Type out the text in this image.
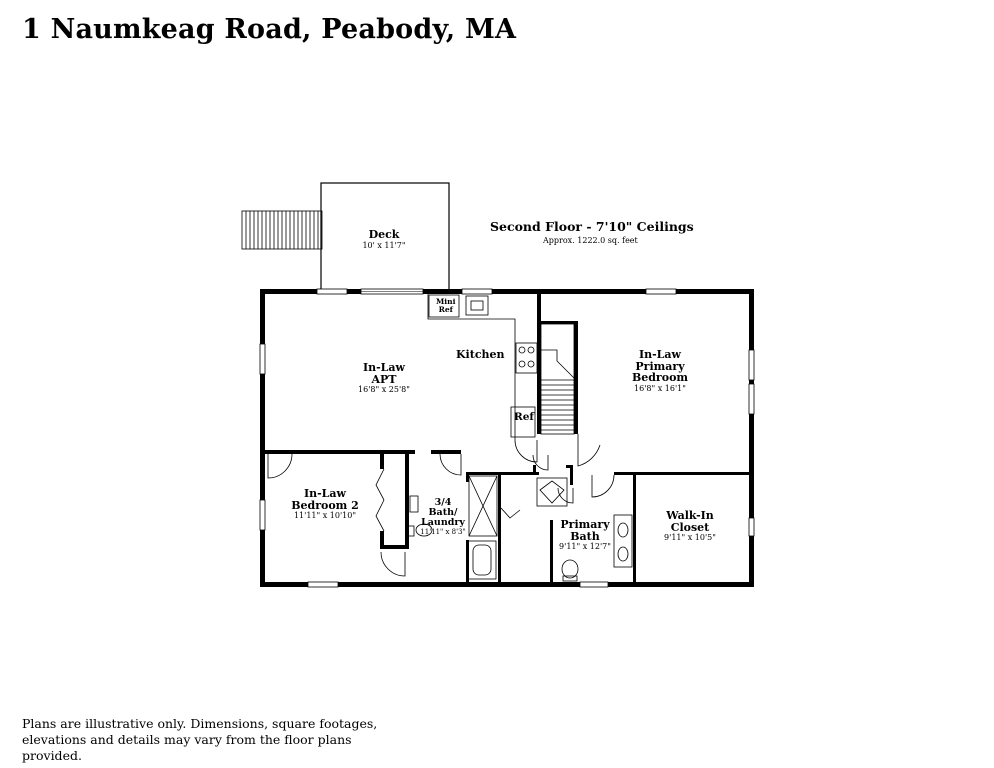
1 Naumkeag Road, Peabody, MA
Second Floor - 7'10" Ceilings
Approx. 1222.0 sq. feet
Deck
10' x 11'7"
In-Law
APT
16'8" x 25'8"
Kitchen
Mini
Ref
Ref
In-Law
Primary
Bedroom
16'8" x 16'1"
In-Law
Bedroom 2
11'11" x 10'10"
3/4
Bath/
Laundry
11'11" x 8'3"
Primary
Bath
9'11" x 12'7"
Walk-In
Closet
9'11" x 10'5"
Plans are illustrative only. Dimensions, square footages, elevations and details may vary from the floor plans provided.
